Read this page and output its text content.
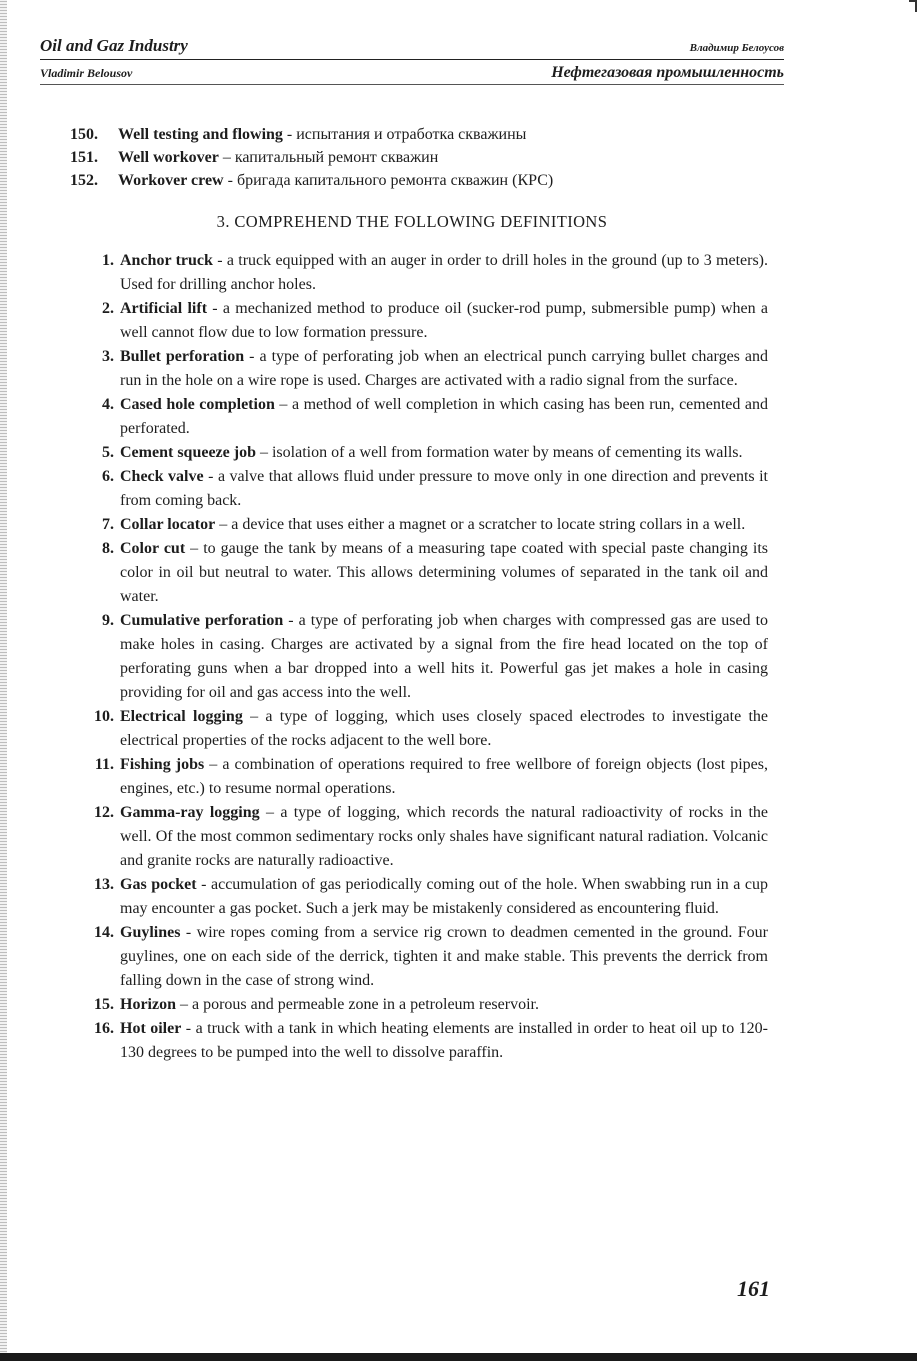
Oil and Gaz Industry	Владимир Белоусов
Vladimir Belousov	Нефтегазовая промышленность
150.	Well testing and flowing - испытания и отработка скважины
151.	Well workover – капитальный ремонт скважин
152.	Workover crew - бригада капитального ремонта скважин (КРС)
3. COMPREHEND THE FOLLOWING DEFINITIONS
1. Anchor truck - a truck equipped with an auger in order to drill holes in the ground (up to 3 meters). Used for drilling anchor holes.
2. Artificial lift - a mechanized method to produce oil (sucker-rod pump, submersible pump) when a well cannot flow due to low formation pressure.
3. Bullet perforation - a type of perforating job when an electrical punch carrying bullet charges and run in the hole on a wire rope is used. Charges are activated with a radio signal from the surface.
4. Cased hole completion – a method of well completion in which casing has been run, cemented and perforated.
5. Cement squeeze job – isolation of a well from formation water by means of cementing its walls.
6. Check valve - a valve that allows fluid under pressure to move only in one direction and prevents it from coming back.
7. Collar locator – a device that uses either a magnet or a scratcher to locate string collars in a well.
8. Color cut – to gauge the tank by means of a measuring tape coated with special paste changing its color in oil but neutral to water. This allows determining volumes of separated in the tank oil and water.
9. Cumulative perforation - a type of perforating job when charges with compressed gas are used to make holes in casing. Charges are activated by a signal from the fire head located on the top of perforating guns when a bar dropped into a well hits it. Powerful gas jet makes a hole in casing providing for oil and gas access into the well.
10. Electrical logging – a type of logging, which uses closely spaced electrodes to investigate the electrical properties of the rocks adjacent to the well bore.
11. Fishing jobs – a combination of operations required to free wellbore of foreign objects (lost pipes, engines, etc.) to resume normal operations.
12. Gamma-ray logging – a type of logging, which records the natural radioactivity of rocks in the well. Of the most common sedimentary rocks only shales have significant natural radiation. Volcanic and granite rocks are naturally radioactive.
13. Gas pocket - accumulation of gas periodically coming out of the hole. When swabbing run in a cup may encounter a gas pocket. Such a jerk may be mistakenly considered as encountering fluid.
14. Guylines - wire ropes coming from a service rig crown to deadmen cemented in the ground. Four guylines, one on each side of the derrick, tighten it and make stable. This prevents the derrick from falling down in the case of strong wind.
15. Horizon – a porous and permeable zone in a petroleum reservoir.
16. Hot oiler - a truck with a tank in which heating elements are installed in order to heat oil up to 120-130 degrees to be pumped into the well to dissolve paraffin.
161
